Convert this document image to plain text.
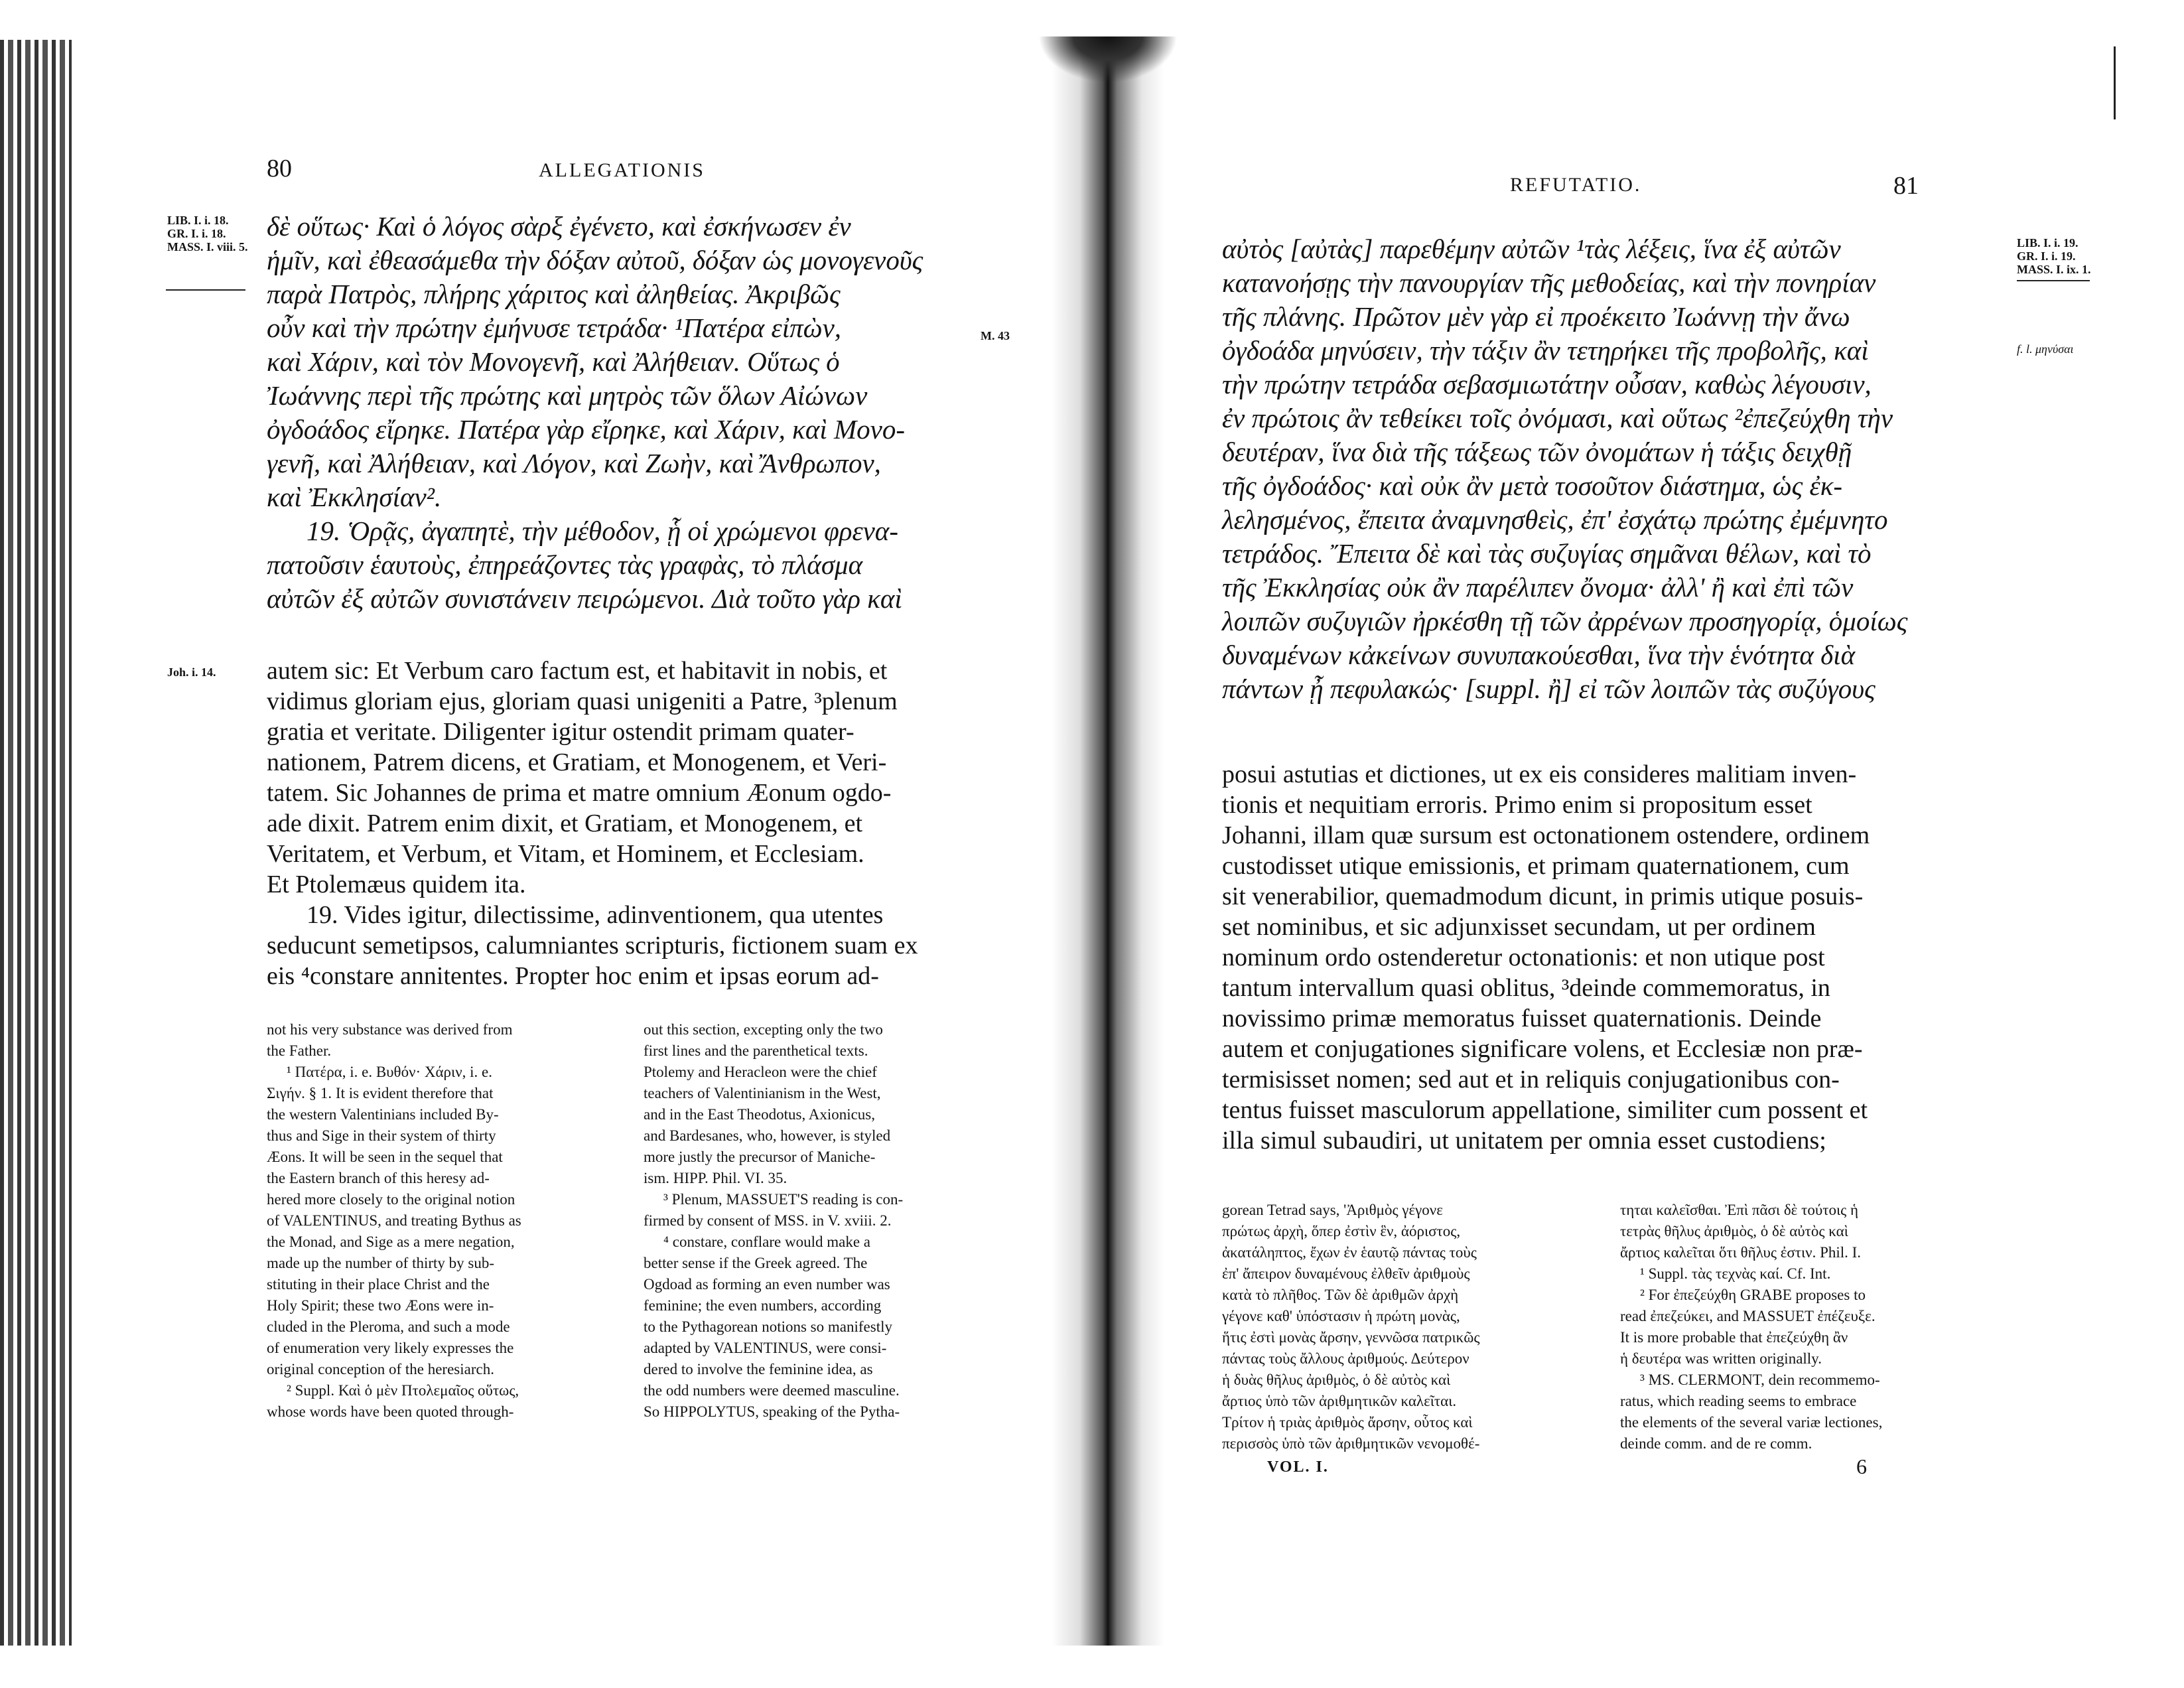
80	ALLEGATIONIS
LIB. I. i. 18.
GR. I. i. 18.
MASS. I. viii. 5.
M. 43
Joh. i. 14.

δὲ οὕτως· Καὶ ὁ λόγος σὰρξ ἐγένετο, καὶ ἐσκήνωσεν ἐν

ἡμῖν, καὶ ἐθεασάμεθα τὴν δόξαν αὐτοῦ, δόξαν ὡς μονογενοῦς

παρὰ Πατρὸς, πλήρης χάριτος καὶ ἀληθείας. Ἀκριβῶς

οὖν καὶ τὴν πρώτην ἐμήνυσε τετράδα· ¹Πατέρα εἰπὼν,

καὶ Χάριν, καὶ τὸν Μονογενῆ, καὶ Ἀλήθειαν. Οὕτως ὁ

Ἰωάννης περὶ τῆς πρώτης καὶ μητρὸς τῶν ὅλων Αἰώνων

ὀγδοάδος εἴρηκε. Πατέρα γὰρ εἴρηκε, καὶ Χάριν, καὶ Μονο-

γενῆ, καὶ Ἀλήθειαν, καὶ Λόγον, καὶ Ζωὴν, καὶ Ἄνθρωπον,

καὶ Ἐκκλησίαν².

19. Ὁρᾷς, ἀγαπητὲ, τὴν μέθοδον, ᾗ οἱ χρώμενοι φρενα-

πατοῦσιν ἑαυτοὺς, ἐπηρεάζοντες τὰς γραφὰς, τὸ πλάσμα

αὐτῶν ἐξ αὐτῶν συνιστάνειν πειρώμενοι. Διὰ τοῦτο γὰρ καὶ

autem sic: Et Verbum caro factum est, et habitavit in nobis, et

vidimus gloriam ejus, gloriam quasi unigeniti a Patre, ³plenum

gratia et veritate. Diligenter igitur ostendit primam quater-

nationem, Patrem dicens, et Gratiam, et Monogenem, et Veri-

tatem. Sic Johannes de prima et matre omnium Æonum ogdo-

ade dixit. Patrem enim dixit, et Gratiam, et Monogenem, et

Veritatem, et Verbum, et Vitam, et Hominem, et Ecclesiam.

Et Ptolemæus quidem ita.

19. Vides igitur, dilectissime, adinventionem, qua utentes

seducunt semetipsos, calumniantes scripturis, fictionem suam ex

eis ⁴constare annitentes. Propter hoc enim et ipsas eorum ad-

not his very substance was derived from

the Father.

¹ Πατέρα, i. e. Βυθόν· Χάριν, i. e.

Σιγήν. § 1. It is evident therefore that

the western Valentinians included By-

thus and Sige in their system of thirty

Æons. It will be seen in the sequel that

the Eastern branch of this heresy ad-

hered more closely to the original notion

of VALENTINUS, and treating Bythus as

the Monad, and Sige as a mere negation,

made up the number of thirty by sub-

stituting in their place Christ and the

Holy Spirit; these two Æons were in-

cluded in the Pleroma, and such a mode

of enumeration very likely expresses the

original conception of the heresiarch.

² Suppl. Καὶ ὁ μὲν Πτολεμαῖος οὕτως,

whose words have been quoted through-

out this section, excepting only the two

first lines and the parenthetical texts.

Ptolemy and Heracleon were the chief

teachers of Valentinianism in the West,

and in the East Theodotus, Axionicus,

and Bardesanes, who, however, is styled

more justly the precursor of Maniche-

ism. HIPP. Phil. VI. 35.

³ Plenum, MASSUET'S reading is con-

firmed by consent of MSS. in V. xviii. 2.

⁴ constare, conflare would make a

better sense if the Greek agreed. The

Ogdoad as forming an even number was

feminine; the even numbers, according

to the Pythagorean notions so manifestly

adapted by VALENTINUS, were consi-

dered to involve the feminine idea, as

the odd numbers were deemed masculine.

So HIPPOLYTUS, speaking of the Pytha-

REFUTATIO.	81
LIB. I. i. 19.
GR. I. i. 19.
MASS. I. ix. 1.
f. l. μηνύσαι

αὐτὸς [αὐτὰς] παρεθέμην αὐτῶν ¹τὰς λέξεις, ἵνα ἐξ αὐτῶν

κατανοήσῃς τὴν πανουργίαν τῆς μεθοδείας, καὶ τὴν πονηρίαν

τῆς πλάνης. Πρῶτον μὲν γὰρ εἰ προέκειτο Ἰωάννῃ τὴν ἄνω

ὀγδοάδα μηνύσειν, τὴν τάξιν ἂν τετηρήκει τῆς προβολῆς, καὶ

τὴν πρώτην τετράδα σεβασμιωτάτην οὖσαν, καθὼς λέγουσιν,

ἐν πρώτοις ἂν τεθείκει τοῖς ὀνόμασι, καὶ οὕτως ²ἐπεζεύχθη τὴν

δευτέραν, ἵνα διὰ τῆς τάξεως τῶν ὀνομάτων ἡ τάξις δειχθῇ

τῆς ὀγδοάδος· καὶ οὐκ ἂν μετὰ τοσοῦτον διάστημα, ὡς ἐκ-

λελησμένος, ἔπειτα ἀναμνησθεὶς, ἐπ' ἐσχάτῳ πρώτης ἐμέμνητο

τετράδος. Ἔπειτα δὲ καὶ τὰς συζυγίας σημᾶναι θέλων, καὶ τὸ

τῆς Ἐκκλησίας οὐκ ἂν παρέλιπεν ὄνομα· ἀλλ' ἢ καὶ ἐπὶ τῶν

λοιπῶν συζυγιῶν ἠρκέσθη τῇ τῶν ἀρρένων προσηγορίᾳ, ὁμοίως

δυναμένων κἀκείνων συνυπακούεσθαι, ἵνα τὴν ἑνότητα διὰ

πάντων ᾖ πεφυλακώς· [suppl. ἢ] εἰ τῶν λοιπῶν τὰς συζύγους

posui astutias et dictiones, ut ex eis consideres malitiam inven-

tionis et nequitiam erroris. Primo enim si propositum esset

Johanni, illam quæ sursum est octonationem ostendere, ordinem

custodisset utique emissionis, et primam quaternationem, cum

sit venerabilior, quemadmodum dicunt, in primis utique posuis-

set nominibus, et sic adjunxisset secundam, ut per ordinem

nominum ordo ostenderetur octonationis: et non utique post

tantum intervallum quasi oblitus, ³deinde commemoratus, in

novissimo primæ memoratus fuisset quaternationis. Deinde

autem et conjugationes significare volens, et Ecclesiæ non præ-

termisisset nomen; sed aut et in reliquis conjugationibus con-

tentus fuisset masculorum appellatione, similiter cum possent et

illa simul subaudiri, ut unitatem per omnia esset custodiens;

gorean Tetrad says, 'Ἀριθμὸς γέγονε

πρώτως ἀρχὴ, ὅπερ ἐστὶν ἓν, ἀόριστος,

ἀκατάληπτος, ἔχων ἐν ἑαυτῷ πάντας τοὺς

ἐπ' ἄπειρον δυναμένους ἐλθεῖν ἀριθμοὺς

κατὰ τὸ πλῆθος. Τῶν δὲ ἀριθμῶν ἀρχὴ

γέγονε καθ' ὑπόστασιν ἡ πρώτη μονὰς,

ἥτις ἐστὶ μονὰς ἄρσην, γεννῶσα πατρικῶς

πάντας τοὺς ἄλλους ἀριθμούς. Δεύτερον

ἡ δυὰς θῆλυς ἀριθμὸς, ὁ δὲ αὐτὸς καὶ

ἄρτιος ὑπὸ τῶν ἀριθμητικῶν καλεῖται.

Τρίτον ἡ τριὰς ἀριθμὸς ἄρσην, οὗτος καὶ

περισσὸς ὑπὸ τῶν ἀριθμητικῶν νενομοθέ-

τηται καλεῖσθαι. Ἐπὶ πᾶσι δὲ τούτοις ἡ

τετρὰς θῆλυς ἀριθμὸς, ὁ δὲ αὐτὸς καὶ

ἄρτιος καλεῖται ὅτι θῆλυς ἐστιν. Phil. I.

¹ Suppl. τὰς τεχνὰς καί. Cf. Int.

² For ἐπεζεύχθη GRABE proposes to

read ἐπεζεύκει, and MASSUET ἐπέζευξε.

It is more probable that ἐπεζεύχθη ἂν

ἡ δευτέρα was written originally.

³ MS. CLERMONT, dein recommemo-

ratus, which reading seems to embrace

the elements of the several variæ lectiones,

deinde comm. and de re comm.

VOL. I.	6
